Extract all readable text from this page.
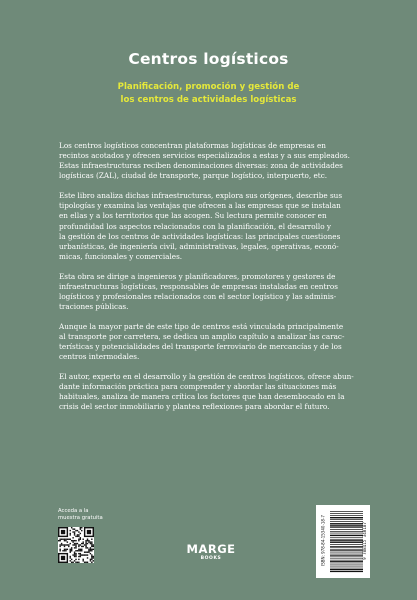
Centros logísticos
Planificación, promoción y gestión de
los centros de actividades logísticas

Los centros logísticos concentran plataformas logísticas de empresas en
recintos acotados y ofrecen servicios especializados a estas y a sus empleados.
Estas infraestructuras reciben denominaciones diversas: zona de actividades
logísticas (ZAL), ciudad de transporte, parque logístico, interpuerto, etc.

Este libro analiza dichas infraestructuras, explora sus orígenes, describe sus
tipologías y examina las ventajas que ofrecen a las empresas que se instalan
en ellas y a los territorios que las acogen. Su lectura permite conocer en
profundidad los aspectos relacionados con la planificación, el desarrollo y
la gestión de los centros de actividades logísticas: las principales cuestiones
urbanísticas, de ingeniería civil, administrativas, legales, operativas, econó-
micas, funcionales y comerciales.

Esta obra se dirige a ingenieros y planificadores, promotores y gestores de
infraestructuras logísticas, responsables de empresas instaladas en centros
logísticos y profesionales relacionados con el sector logístico y las adminis-
traciones públicas.

Aunque la mayor parte de este tipo de centros está vinculada principalmente
al transporte por carretera, se dedica un amplio capítulo a analizar las carac-
terísticas y potencialidades del transporte ferroviario de mercancías y de los
centros intermodales.

El autor, experto en el desarrollo y la gestión de centros logísticos, ofrece abun-
dante información práctica para comprender y abordar las situaciones más
habituales, analiza de manera crítica los factores que han desembocado en la
crisis del sector inmobiliario y plantea reflexiones para abordar el futuro.

Acceda a la
muestra gratuita
MARGE
BOOKS	9 788415 340187
ISBN: 978-84-15340-18-7
